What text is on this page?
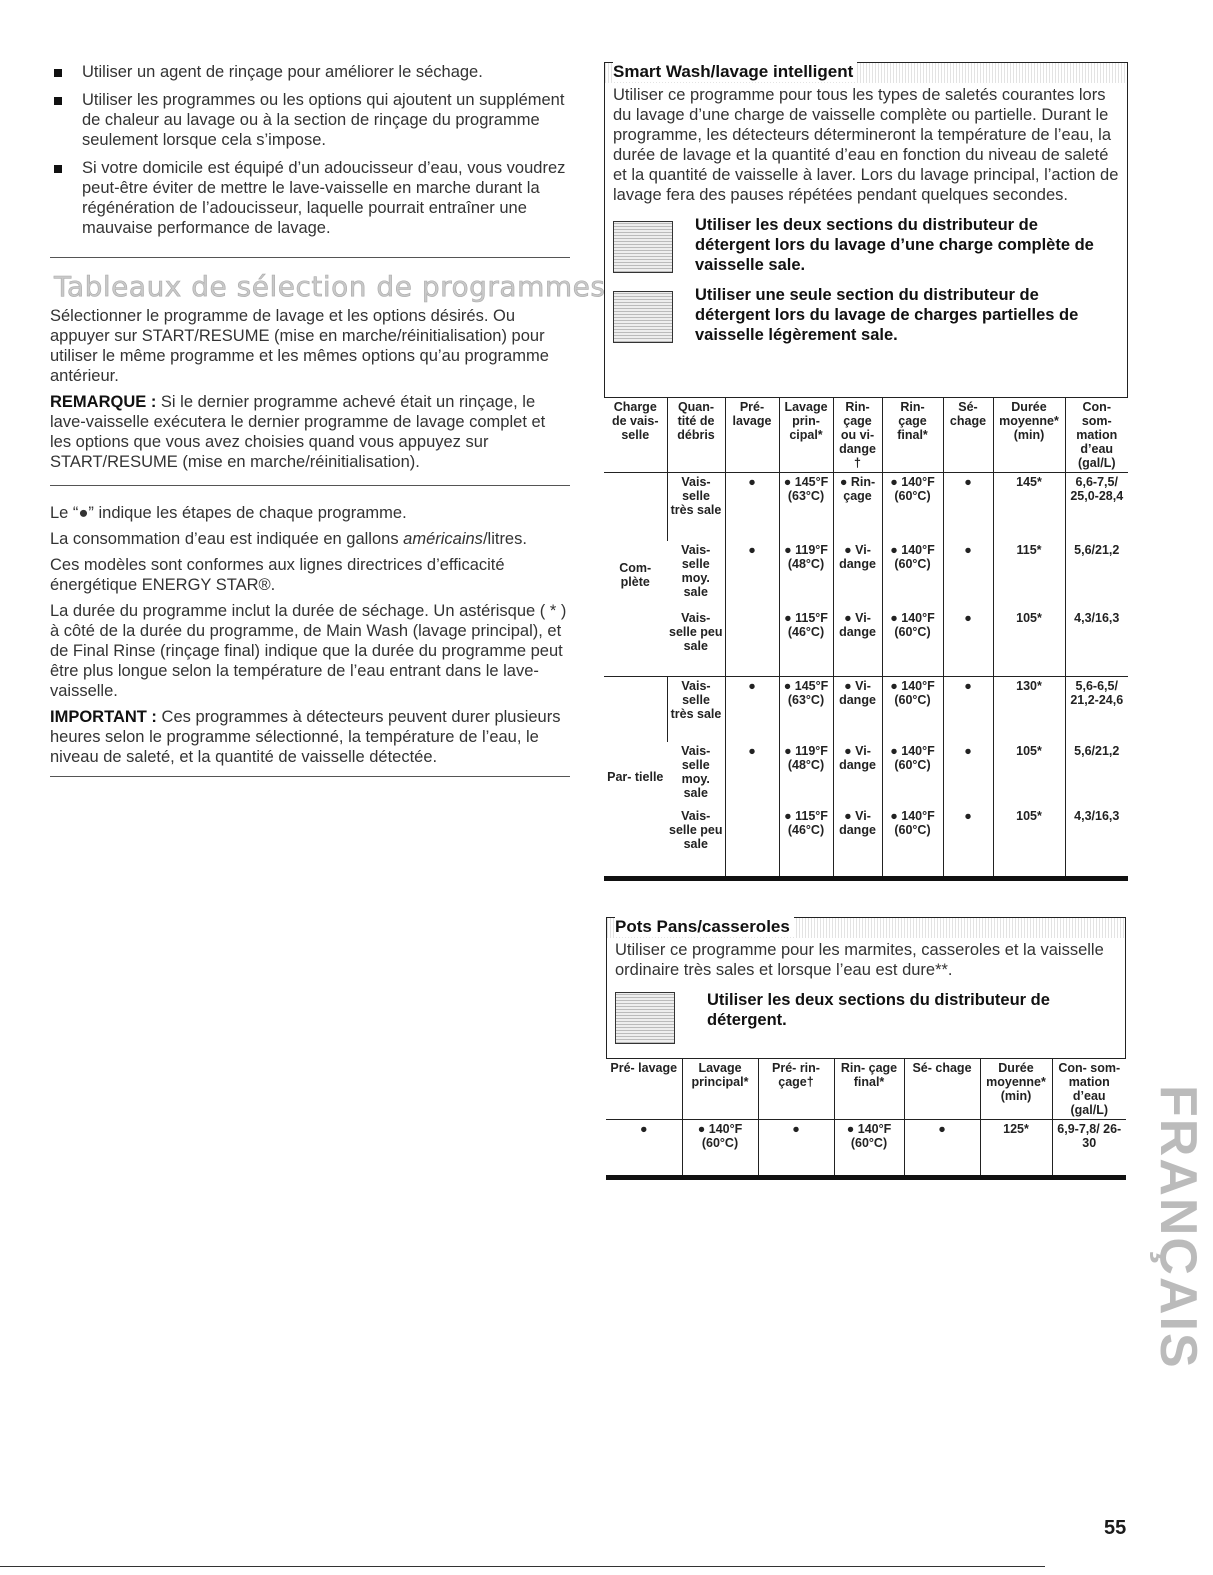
Utiliser un agent de rinçage pour améliorer le séchage.
Utiliser les programmes ou les options qui ajoutent un supplément de chaleur au lavage ou à la section de rinçage du programme seulement lorsque cela s’impose.
Si votre domicile est équipé d’un adoucisseur d’eau, vous voudrez peut-être éviter de mettre le lave-vaisselle en marche durant la régénération de l’adoucisseur, laquelle pourrait entraîner une mauvaise performance de lavage.
Tableaux de sélection de programmes

Sélectionner le programme de lavage et les options désirés. Ou appuyer sur START/RESUME (mise en marche/réinitialisation) pour utiliser le même programme et les mêmes options qu’au programme antérieur.

REMARQUE : Si le dernier programme achevé était un rinçage, le lave-vaisselle exécutera le dernier programme de lavage complet et les options que vous avez choisies quand vous appuyez sur START/RESUME (mise en marche/réinitialisation).

Le “●” indique les étapes de chaque programme.

La consommation d’eau est indiquée en gallons américains/litres.

Ces modèles sont conformes aux lignes directrices d’efficacité énergétique ENERGY STAR®.

La durée du programme inclut la durée de séchage. Un astérisque ( * ) à côté de la durée du programme, de Main Wash (lavage principal), et de Final Rinse (rinçage final) indique que la durée du programme peut être plus longue selon la température de l’eau entrant dans le lave-vaisselle.

IMPORTANT : Ces programmes à détecteurs peuvent durer plusieurs heures selon le programme sélectionné, la température de l’eau, le niveau de saleté, et la quantité de vaisselle détectée.

Smart Wash/lavage intelligent
Utiliser ce programme pour tous les types de saletés courantes lors du lavage d’une charge de vaisselle complète ou partielle. Durant le programme, les détecteurs détermineront la température de l’eau, la durée de lavage et la quantité d’eau en fonction du niveau de saleté et la quantité de vaisselle à laver. Lors du lavage principal, l’action de lavage fera des pauses répétées pendant quelques secondes.
Utiliser les deux sections du distributeur de détergent lors du lavage d’une charge complète de vaisselle sale.
Utiliser une seule section du distributeur de détergent lors du lavage de charges partielles de vaisselle légèrement sale.
Charge de vais- selle	Quan- tité de débris	Pré- lavage	Lavage prin- cipal*	Rin- çage ou vi- dange †	Rin- çage final*	Sé- chage	Durée moyenne* (min)	Con- som- mation d’eau (gal/L)
Com- plète	Vais- selle très sale	●	● 145°F (63°C)	● Rin- çage	● 140°F (60°C)	●	145*	6,6-7,5/ 25,0-28,4
	Vais- selle moy. sale	●	● 119°F (48°C)	● Vi- dange	● 140°F (60°C)	●	115*	5,6/21,2
	Vais- selle peu sale		● 115°F (46°C)	● Vi- dange	● 140°F (60°C)	●	105*	4,3/16,3
Par- tielle	Vais- selle très sale	●	● 145°F (63°C)	● Vi- dange	● 140°F (60°C)	●	130*	5,6-6,5/ 21,2-24,6
	Vais- selle moy. sale	●	● 119°F (48°C)	● Vi- dange	● 140°F (60°C)	●	105*	5,6/21,2
	Vais- selle peu sale		● 115°F (46°C)	● Vi- dange	● 140°F (60°C)	●	105*	4,3/16,3
Pots Pans/casseroles
Utiliser ce programme pour les marmites, casseroles et la vaisselle ordinaire très sales et lorsque l’eau est dure**.
Utiliser les deux sections du distributeur de détergent.
Pré- lavage	Lavage principal*	Pré- rin- çage†	Rin- çage final*	Sé- chage	Durée moyenne* (min)	Con- som- mation d’eau (gal/L)
●	● 140°F (60°C)	●	● 140°F (60°C)	●	125*	6,9-7,8/ 26-30 FRANÇAIS
55
